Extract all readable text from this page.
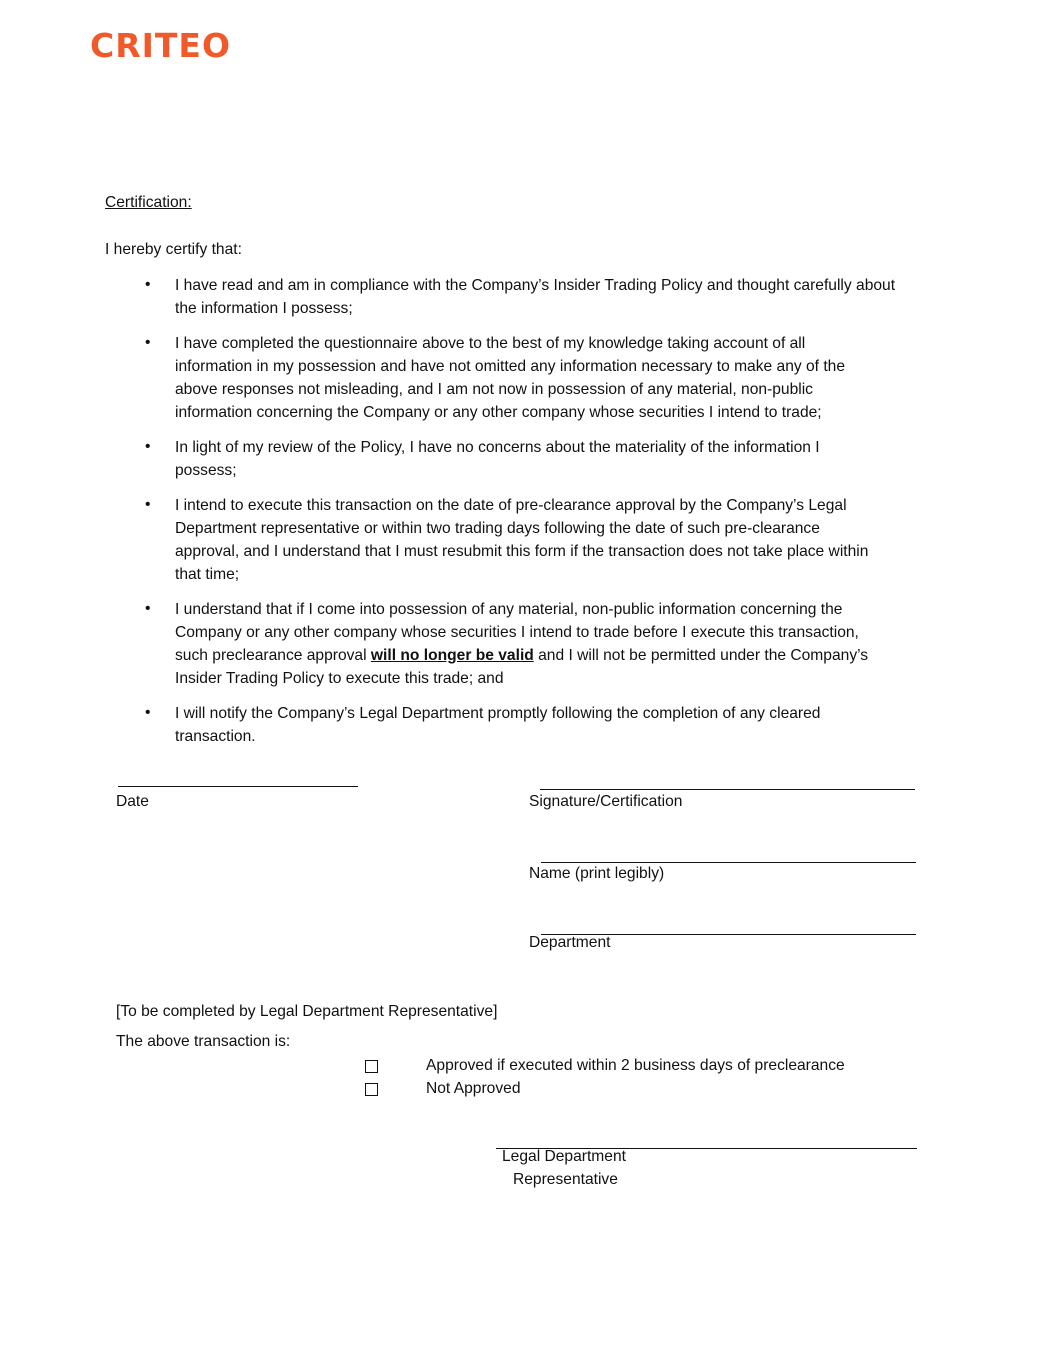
CRITEO
Certification:
I hereby certify that:
• I have read and am in compliance with the Company’s Insider Trading Policy and thought carefully about
the information I possess;
• I have completed the questionnaire above to the best of my knowledge taking account of all
information in my possession and have not omitted any information necessary to make any of the
above responses not misleading, and I am not now in possession of any material, non-public
information concerning the Company or any other company whose securities I intend to trade;
• In light of my review of the Policy, I have no concerns about the materiality of the information I
possess;
• I intend to execute this transaction on the date of pre-clearance approval by the Company’s Legal
Department representative or within two trading days following the date of such pre-clearance
approval, and I understand that I must resubmit this form if the transaction does not take place within
that time;
• I understand that if I come into possession of any material, non-public information concerning the
Company or any other company whose securities I intend to trade before I execute this transaction,
such preclearance approval will no longer be valid and I will not be permitted under the Company’s
Insider Trading Policy to execute this trade; and
• I will notify the Company’s Legal Department promptly following the completion of any cleared
transaction.
Date	Signature/Certification
Name (print legibly)
Department
[To be completed by Legal Department Representative]
The above transaction is:
Approved if executed within 2 business days of preclearance
Not Approved
Legal Department
Representative
